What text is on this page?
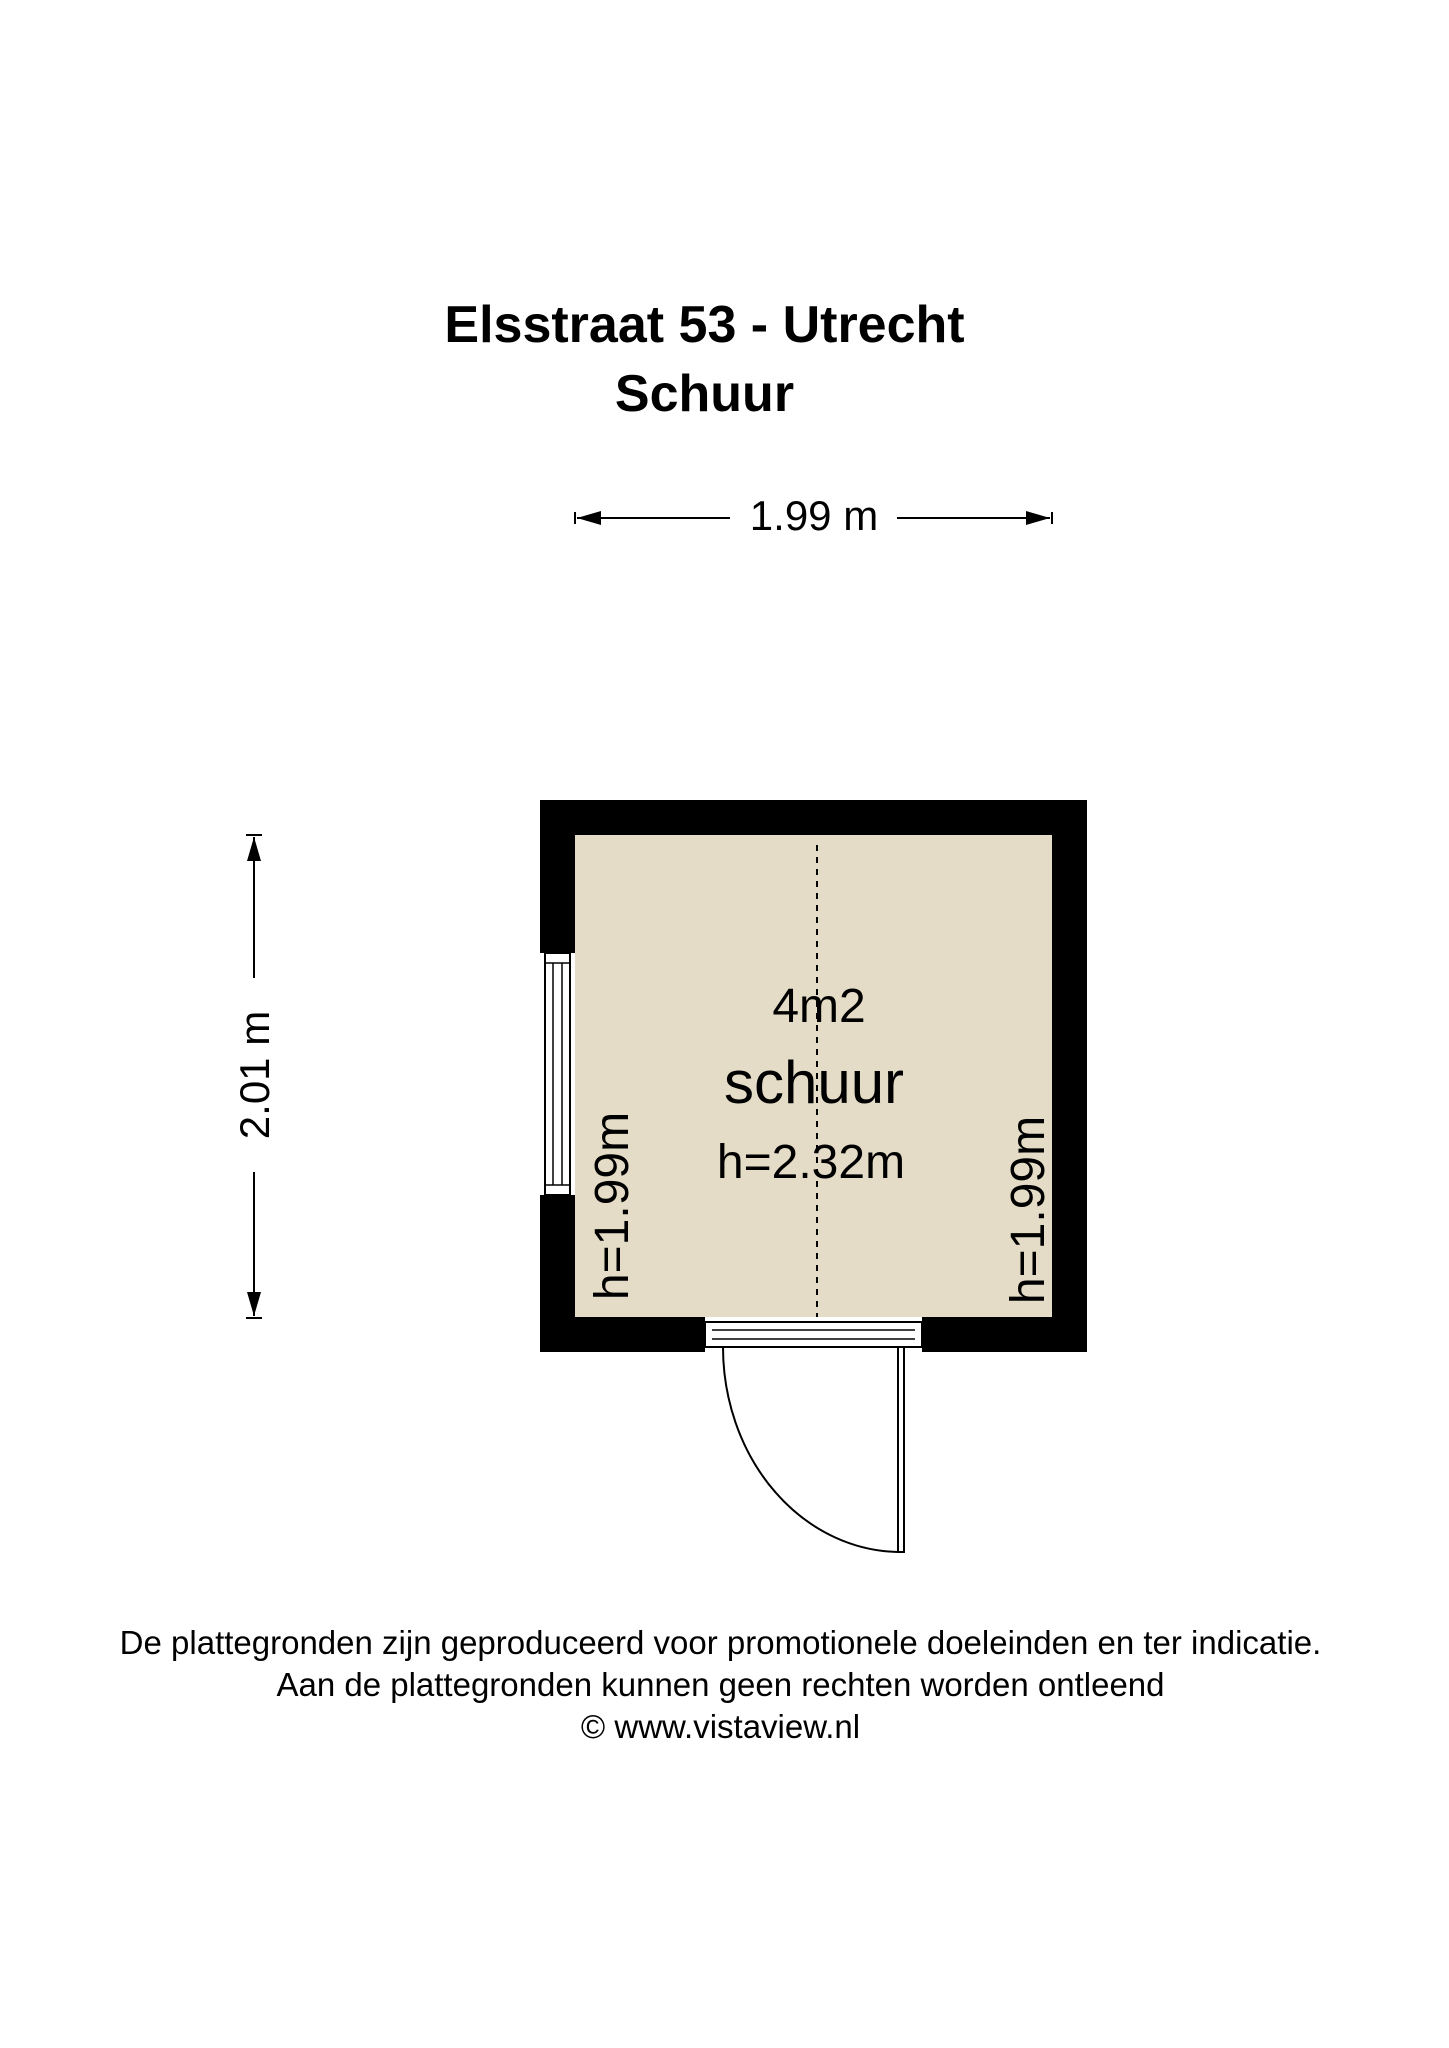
Elsstraat 53 - Utrecht
Schuur
1.99 m
2.01 m
4m2
schuur
h=2.32m
h=1.99m	h=1.99m
De plattegronden zijn geproduceerd voor promotionele doeleinden en ter indicatie.
Aan de plattegronden kunnen geen rechten worden ontleend
© www.vistaview.nl
